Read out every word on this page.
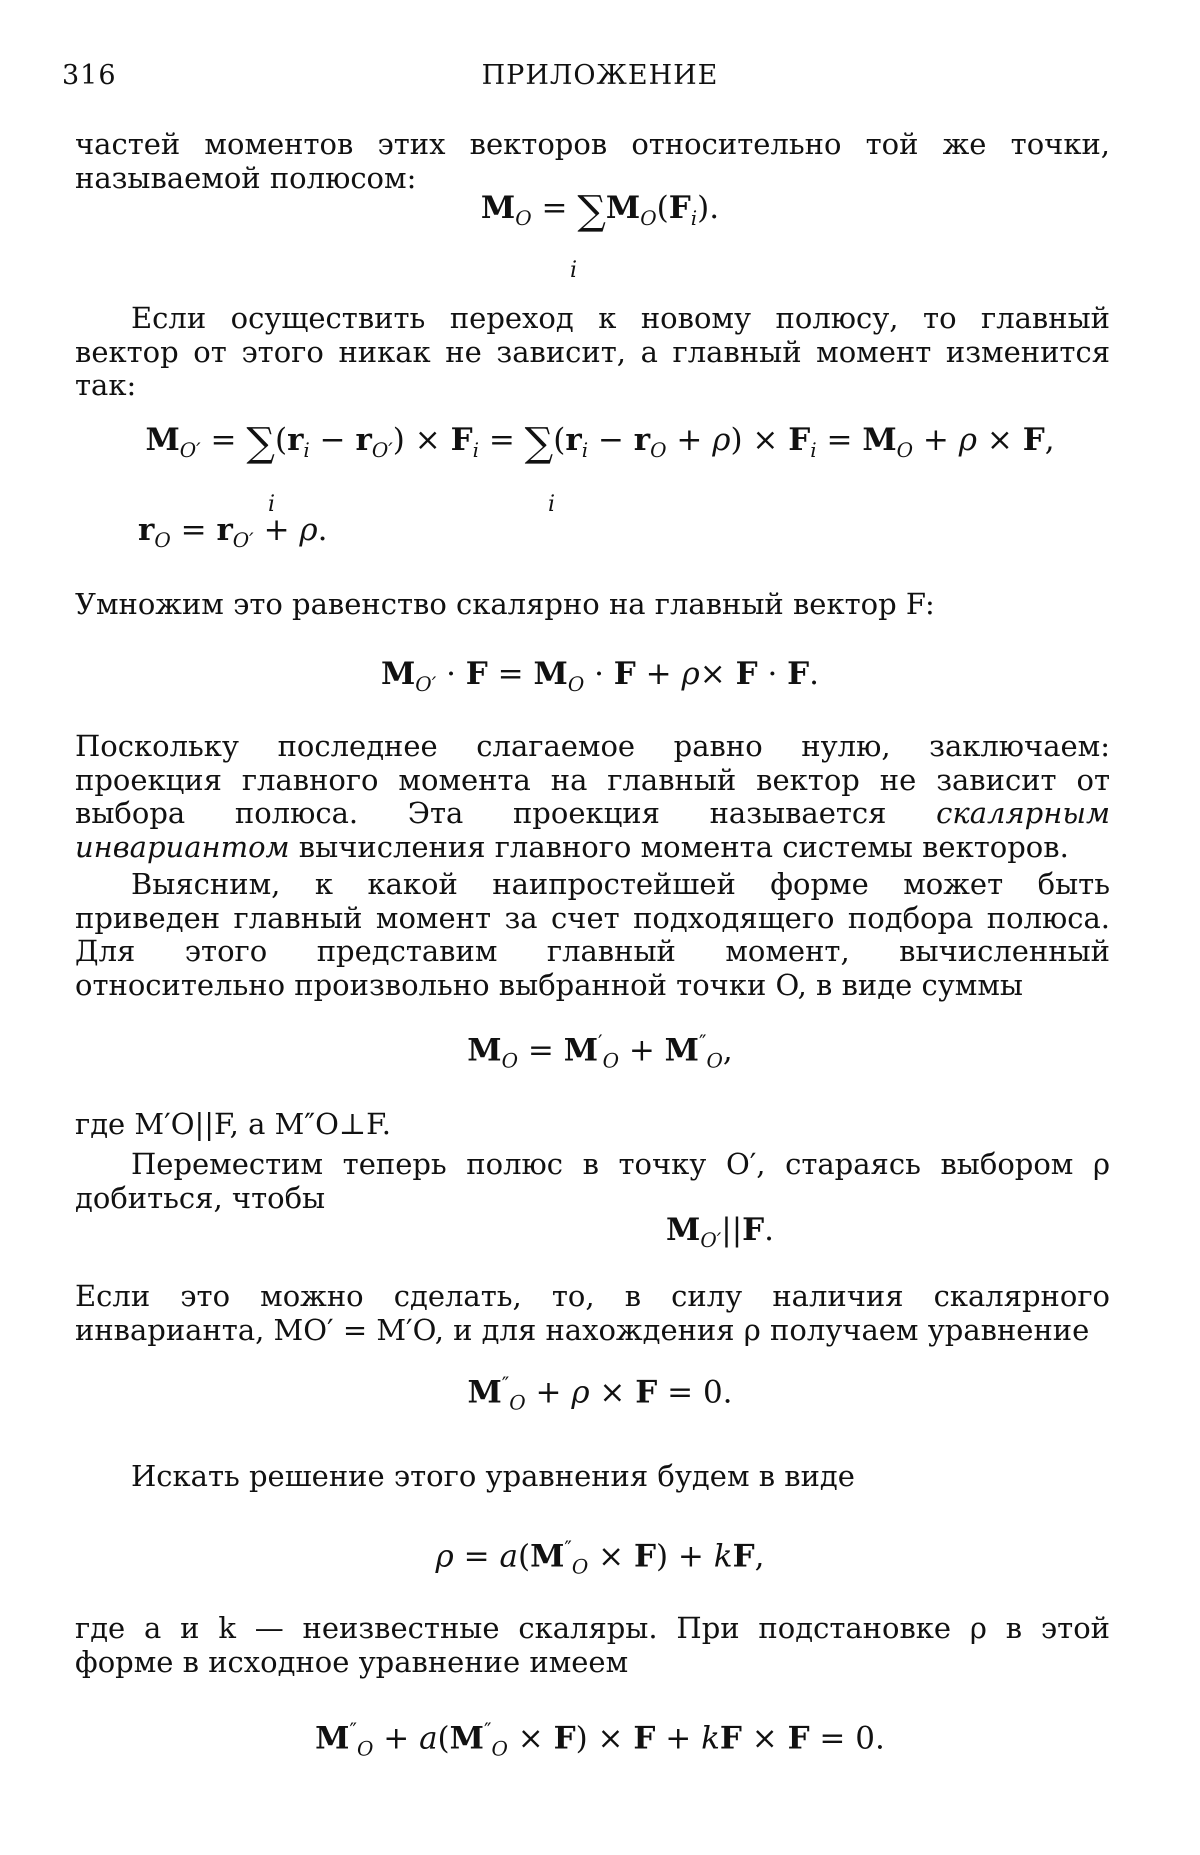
316	ПРИЛОЖЕНИЕ
частей моментов этих векторов относительно той же точки, называемой полюсом:
$M_O = \sum M_O(F_i)$.
i
Если осуществить переход к новому полюсу, то главный вектор от этого никак не зависит, а главный момент изменится так:
$M_{O'} = \sum(r_i - r_{O'}) \times F_i = \sum(r_i - r_O + \rho) \times F_i = M_O + \rho \times F$,
i	i
$r_O = r_{O'} + \rho$.
Умножим это равенство скалярно на главный вектор F:
$M_{O'} \cdot F = M_O \cdot F + \rho\times F \cdot F$.
Поскольку последнее слагаемое равно нулю, заключаем: проекция главного момента на главный вектор не зависит от выбора полюса. Эта проекция называется скалярным инвариантом вычисления главного момента системы векторов.
Выясним, к какой наипростейшей форме может быть приведен главный момент за счет подходящего подбора полюса. Для этого представим главный момент, вычисленный относительно произвольно выбранной точки O, в виде суммы
$M_O = M'_O + M''_O$,
где M′O||F, а M″O⊥F.
Переместим теперь полюс в точку O′, стараясь выбором ρ добиться, чтобы
$M_{O'}||F$.
Если это можно сделать, то, в силу наличия скалярного инварианта, MO′ = M′O, и для нахождения ρ получаем уравнение
$M''_O + \rho \times F = 0$.
Искать решение этого уравнения будем в виде
$\rho = a(M''_O \times F)$ + kF,
где a и k — неизвестные скаляры. При подстановке ρ в этой форме в исходное уравнение имеем
$M''_O + a(M''_O \times F) \times F$ + kF × F = 0.
